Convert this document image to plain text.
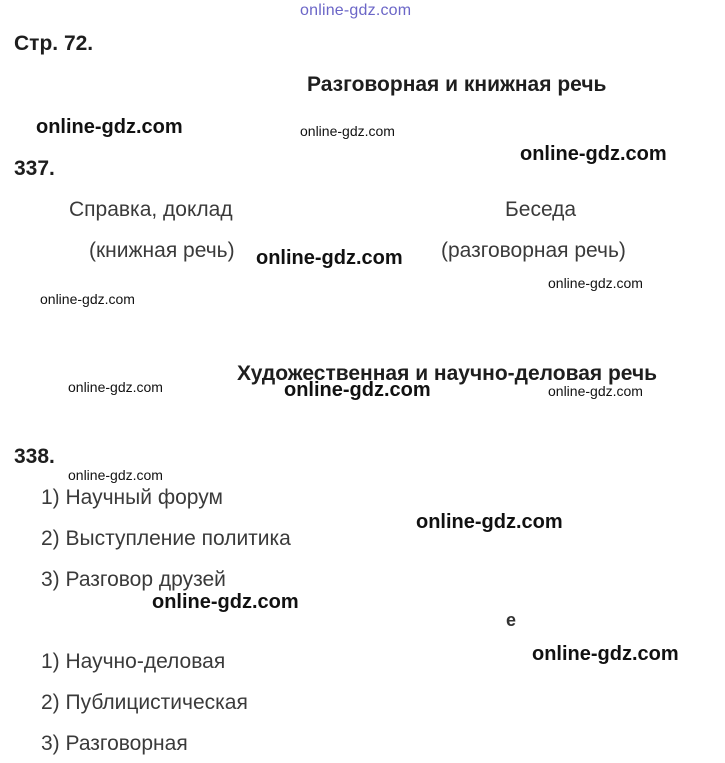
online-gdz.com
Стр. 72.
Разговорная и книжная речь
337.
Справка, доклад
(книжная речь)
Беседа
(разговорная речь)
Художественная и научно-деловая речь
338.
1) Научный форум
2) Выступление политика
3) Разговор друзей
е
1) Научно-деловая
2) Публицистическая
3) Разговорная
online-gdz.com	online-gdz.com
online-gdz.com
online-gdz.com
online-gdz.com
online-gdz.com
online-gdz.com	online-gdz.com	online-gdz.com
online-gdz.com
online-gdz.com
online-gdz.com
online-gdz.com
